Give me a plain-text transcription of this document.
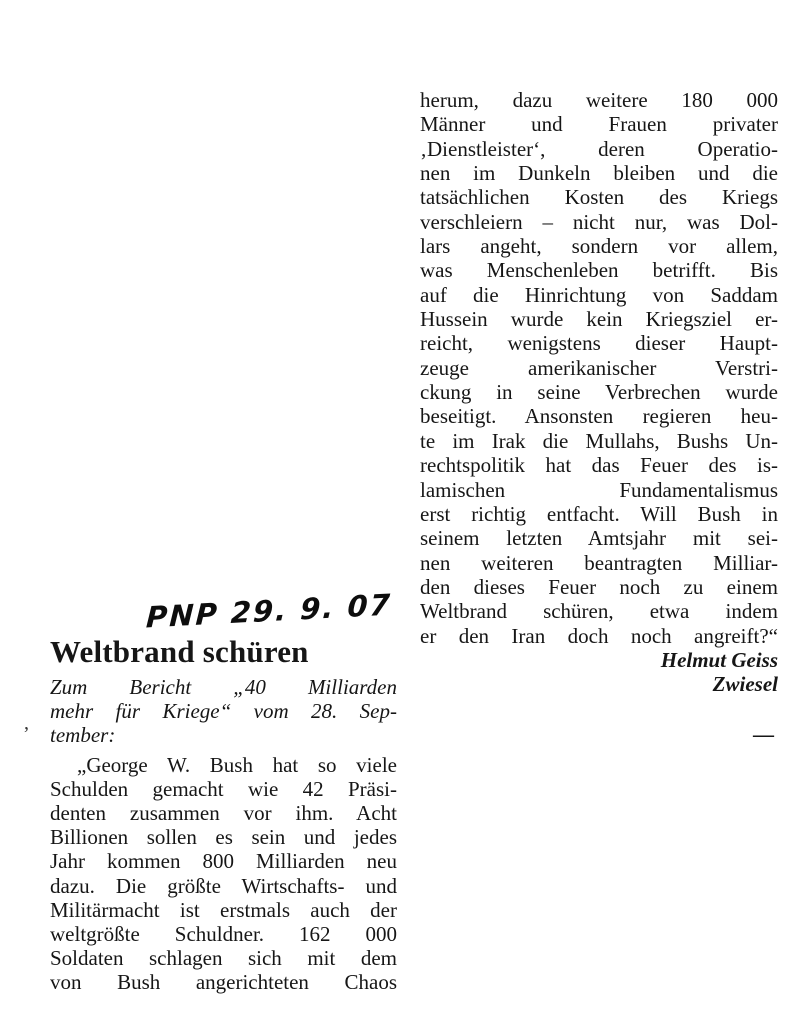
PNP 29. 9. 07
,
Weltbrand schüren
Zum Bericht „40 Milliarden
mehr für Kriege“ vom 28. Sep-
tember:
„George W. Bush hat so viele
Schulden gemacht wie 42 Präsi-
denten zusammen vor ihm. Acht
Billionen sollen es sein und jedes
Jahr kommen 800 Milliarden neu
dazu. Die größte Wirtschafts- und
Militärmacht ist erstmals auch der
weltgrößte Schuldner. 162 000
Soldaten schlagen sich mit dem
von Bush angerichteten Chaos
herum, dazu weitere 180 000
Männer und Frauen privater
‚Dienstleister‘, deren Operatio-
nen im Dunkeln bleiben und die
tatsächlichen Kosten des Kriegs
verschleiern – nicht nur, was Dol-
lars angeht, sondern vor allem,
was Menschenleben betrifft. Bis
auf die Hinrichtung von Saddam
Hussein wurde kein Kriegsziel er-
reicht, wenigstens dieser Haupt-
zeuge amerikanischer Verstri-
ckung in seine Verbrechen wurde
beseitigt. Ansonsten regieren heu-
te im Irak die Mullahs, Bushs Un-
rechtspolitik hat das Feuer des is-
lamischen Fundamentalismus
erst richtig entfacht. Will Bush in
seinem letzten Amtsjahr mit sei-
nen weiteren beantragten Milliar-
den dieses Feuer noch zu einem
Weltbrand schüren, etwa indem
er den Iran doch noch angreift?“
Helmut Geiss
Zwiesel
—
